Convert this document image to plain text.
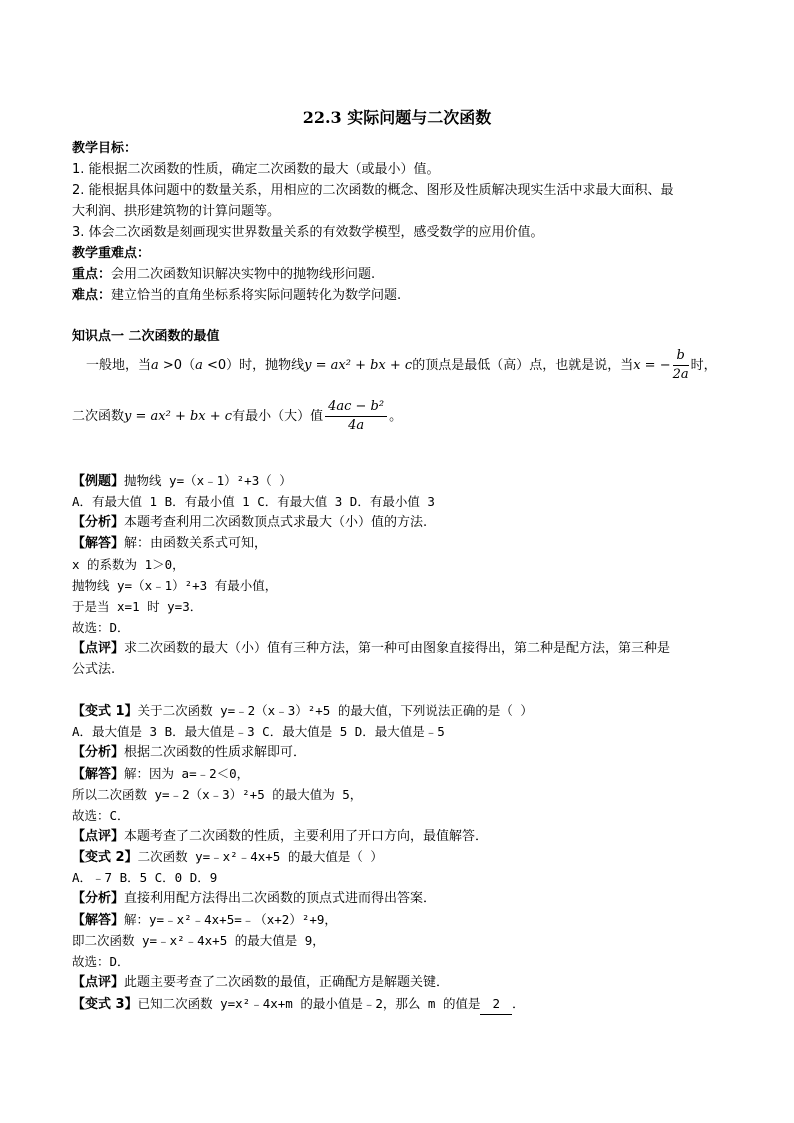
22.3 实际问题与二次函数
教学目标：
1. 能根据二次函数的性质，确定二次函数的最大（或最小）值。
2. 能根据具体问题中的数量关系，用相应的二次函数的概念、图形及性质解决现实生活中求最大面积、最
大利润、拱形建筑物的计算问题等。
3. 体会二次函数是刻画现实世界数量关系的有效数学模型，感受数学的应用价值。
教学重难点：
重点：会用二次函数知识解决实物中的抛物线形问题.
难点：建立恰当的直角坐标系将实际问题转化为数学问题.
知识点一 二次函数的最值
一般地，当a >0（a <0）时，抛物线y = ax² + bx + c的顶点是最低（高）点，也就是说，当x = − $\frac{b}{2a}$ 时，
二次函数y = ax² + bx + c有最小（大）值 $\frac{\text{4ac − b²}}{4a}$ 。
【例题】抛物线 y=（x﹣1）²+3（ ）
A．有最大值 1 B．有最小值 1 C．有最大值 3 D．有最小值 3
【分析】本题考查利用二次函数顶点式求最大（小）值的方法.
【解答】解：由函数关系式可知，
x 的系数为 1＞0，
抛物线 y=（x﹣1）²+3 有最小值，
于是当 x=1 时 y=3．
故选：D．
【点评】求二次函数的最大（小）值有三种方法，第一种可由图象直接得出，第二种是配方法，第三种是
公式法.
【变式 1】关于二次函数 y=﹣2（x﹣3）²+5 的最大值，下列说法正确的是（ ）
A．最大值是 3 B．最大值是﹣3 C．最大值是 5 D．最大值是﹣5
【分析】根据二次函数的性质求解即可．
【解答】解：因为 a=﹣2＜0，
所以二次函数 y=﹣2（x﹣3）²+5 的最大值为 5，
故选：C．
【点评】本题考查了二次函数的性质，主要利用了开口方向，最值解答．
【变式 2】二次函数 y=﹣x²﹣4x+5 的最大值是（ ）
A．﹣7 B．5 C．0 D．9
【分析】直接利用配方法得出二次函数的顶点式进而得出答案．
【解答】解：y=﹣x²﹣4x+5=﹣（x+2）²+9，
即二次函数 y=﹣x²﹣4x+5 的最大值是 9，
故选：D．
【点评】此题主要考查了二次函数的最值，正确配方是解题关键．
【变式 3】已知二次函数 y=x²﹣4x+m 的最小值是﹣2，那么 m 的值是 2 ．
